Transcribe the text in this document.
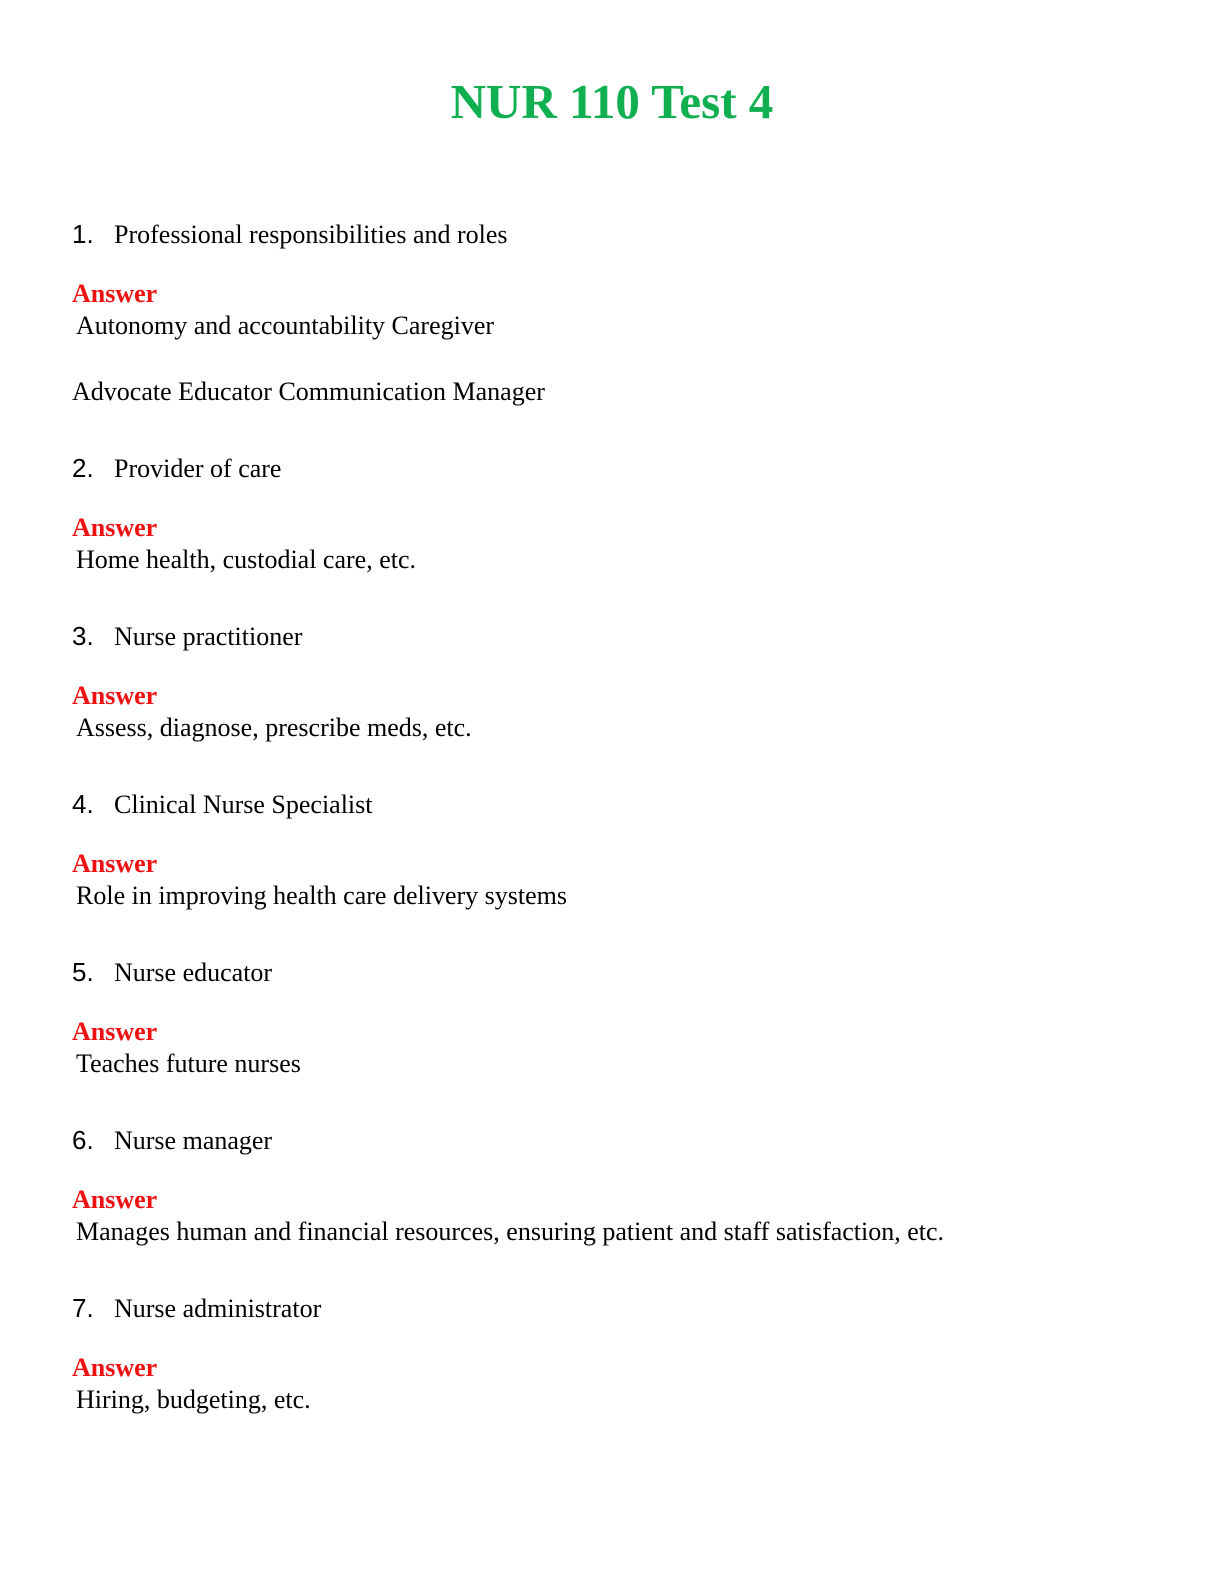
NUR 110 Test 4
1. Professional responsibilities and roles
Answer
Autonomy and accountability Caregiver
Advocate Educator Communication Manager
2. Provider of care
Answer
Home health, custodial care, etc.
3. Nurse practitioner
Answer
Assess, diagnose, prescribe meds, etc.
4. Clinical Nurse Specialist
Answer
Role in improving health care delivery systems
5. Nurse educator
Answer
Teaches future nurses
6. Nurse manager
Answer
Manages human and financial resources, ensuring patient and staff satisfaction, etc.
7. Nurse administrator
Answer
Hiring, budgeting, etc.
